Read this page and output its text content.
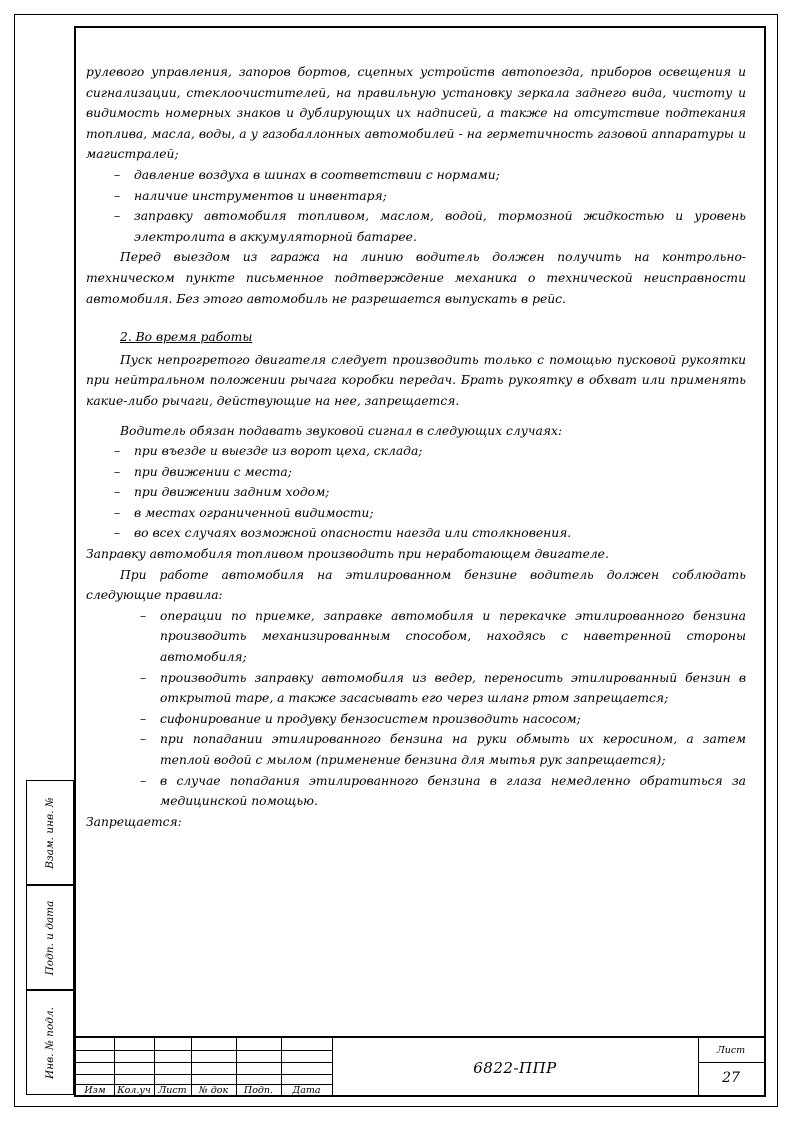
Взам. инв. №
Подп. и дата
Инв. № подл.

рулевого управления, запоров бортов, сцепных устройств автопоезда, приборов освещения и сигнализации, стеклоочистителей, на правильную установку зеркала заднего вида, чистоту и видимость номерных знаков и дублирующих их надписей, а также на отсутствие подтекания топлива, масла, воды, а у газобаллонных автомобилей - на герметичность газовой аппаратуры и магистралей;

– давление воздуха в шинах в соответствии с нормами;
– наличие инструментов и инвентаря;
– заправку автомобиля топливом, маслом, водой, тормозной жидкостью и уровень электролита в аккумуляторной батарее.

Перед выездом из гаража на линию водитель должен получить на контрольно-техническом пункте письменное подтверждение механика о технической неисправности автомобиля. Без этого автомобиль не разрешается выпускать в рейс.

2. Во время работы

Пуск непрогретого двигателя следует производить только с помощью пусковой рукоятки при нейтральном положении рычага коробки передач. Брать рукоятку в обхват или применять какие-либо рычаги, действующие на нее, запрещается.

Водитель обязан подавать звуковой сигнал в следующих случаях:

– при въезде и выезде из ворот цеха, склада;
– при движении с места;
– при движении задним ходом;
– в местах ограниченной видимости;
– во всех случаях возможной опасности наезда или столкновения.

Заправку автомобиля топливом производить при неработающем двигателе.

При работе автомобиля на этилированном бензине водитель должен соблюдать следующие правила:

– операции по приемке, заправке автомобиля и перекачке этилированного бензина производить механизированным способом, находясь с наветренной стороны автомобиля;
– производить заправку автомобиля из ведер, переносить этилированный бензин в открытой таре, а также засасывать его через шланг ртом запрещается;
– сифонирование и продувку бензосистем производить насосом;
– при попадании этилированного бензина на руки обмыть их керосином, а затем теплой водой с мылом (применение бензина для мытья рук запрещается);
– в случае попадания этилированного бензина в глаза немедленно обратиться за медицинской помощью.

Запрещается:

Изм	Кол.уч Лист	№ док	Подп.	Дата
6822-ППР
Лист
27
